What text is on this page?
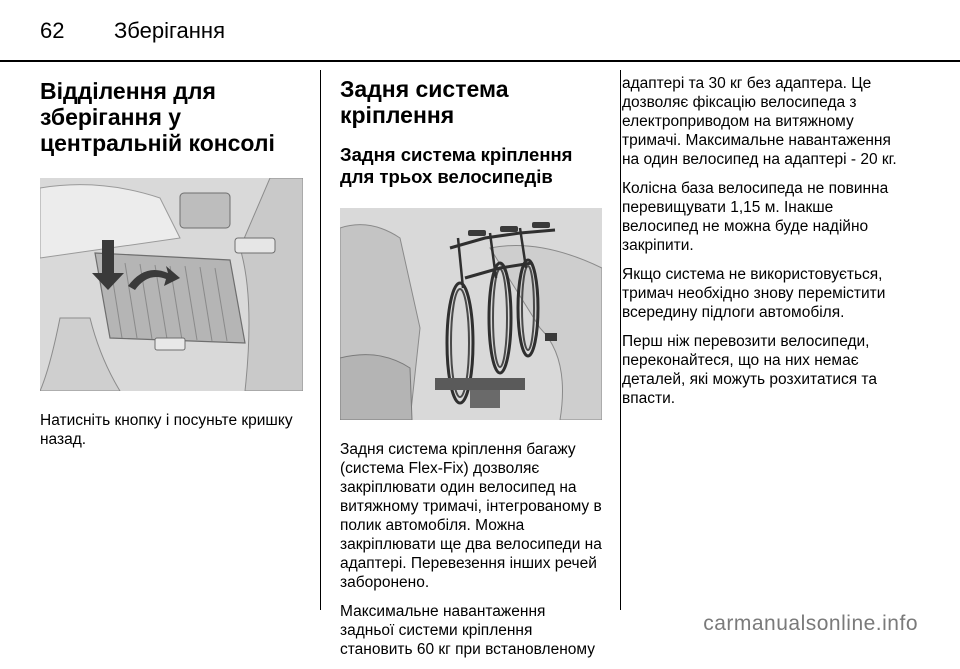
62	Зберігання
Відділення для зберігання у центральній консолі

Натисніть кнопку і посуньте кришку назад.

Задня система кріплення
Задня система кріплення для трьох велосипедів

Задня система кріплення багажу (система Flex-Fix) дозволяє закріплювати один велосипед на витяжному тримачі, інтегрованому в полик автомобіля. Можна закріплювати ще два велосипеди на адаптері. Перевезення інших речей заборонено.

Максимальне навантаження задньої системи кріплення становить 60 кг при встановленому

адаптері та 30 кг без адаптера. Це дозволяє фіксацію велосипеда з електроприводом на витяжному тримачі. Максимальне навантаження на один велосипед на адаптері - 20 кг.

Колісна база велосипеда не повинна перевищувати 1,15 м. Інакше велосипед не можна буде надійно закріпити.

Якщо система не використовується, тримач необхідно знову перемістити всередину підлоги автомобіля.

Перш ніж перевозити велосипеди, переконайтеся, що на них немає деталей, які можуть розхитатися та впасти.

carmanualsonline.info
